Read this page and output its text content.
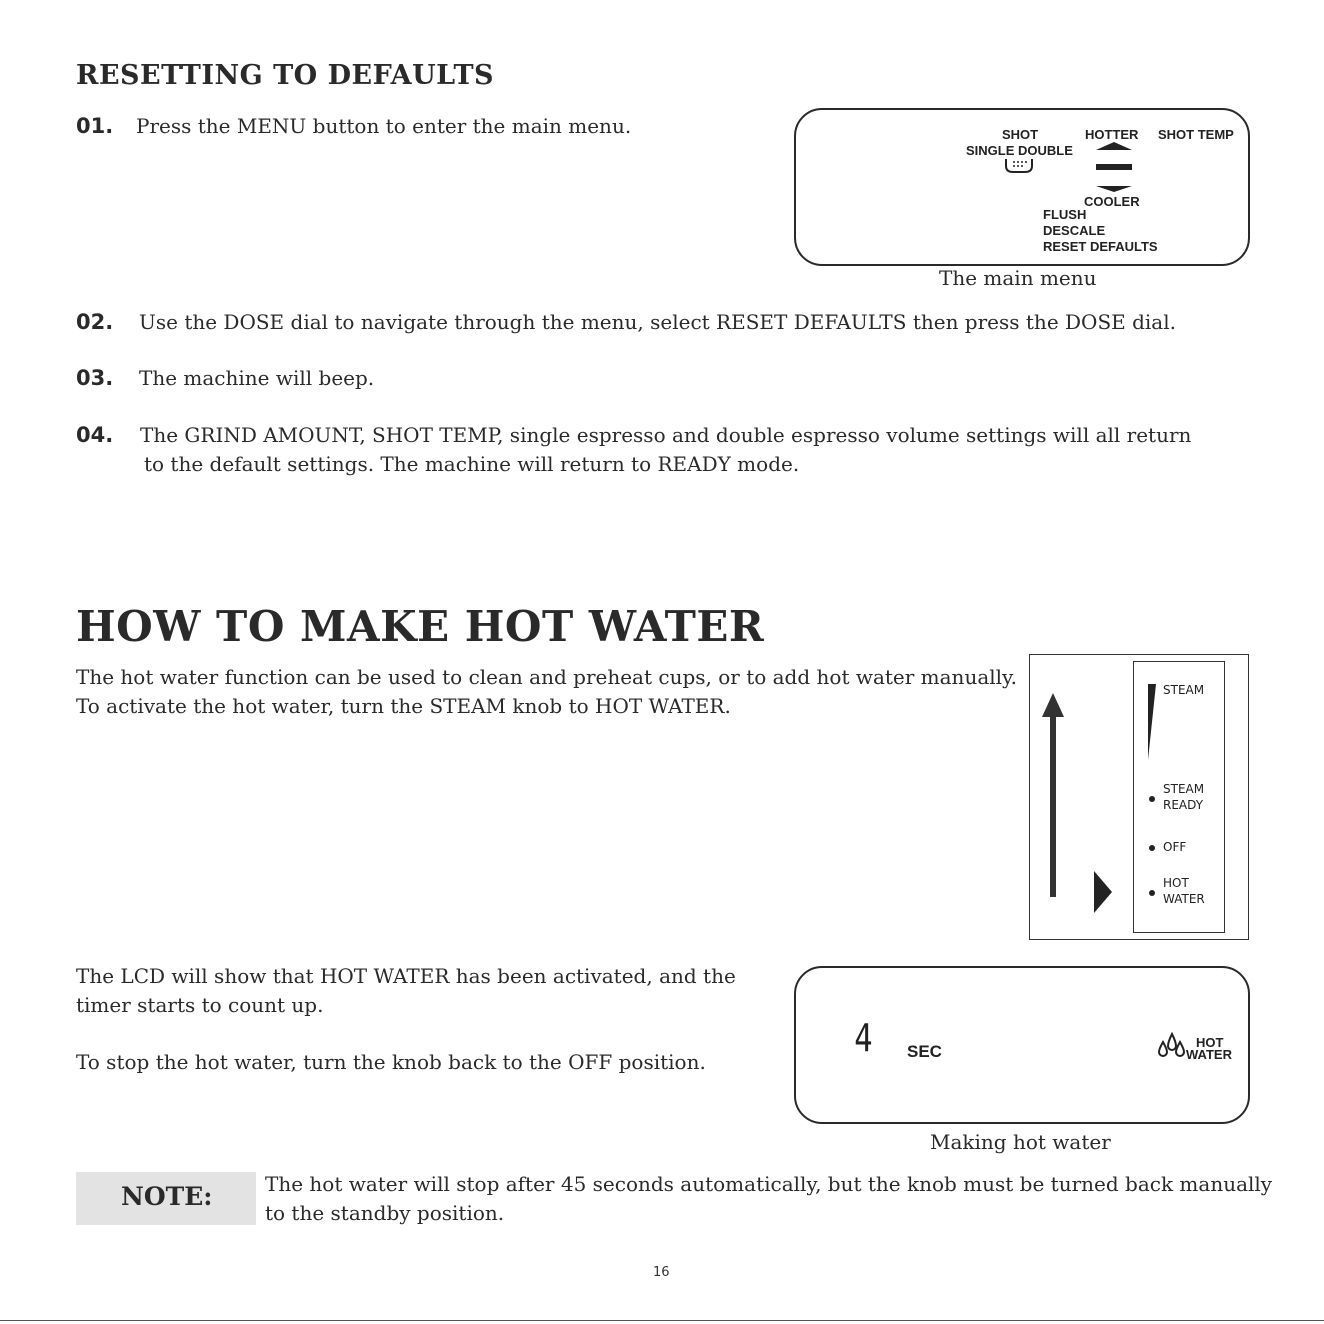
RESETTING TO DEFAULTS
01. Press the MENU button to enter the main menu.	SHOT
SINGLE DOUBLE
HOTTER SHOT TEMP
COOLER
FLUSH
DESCALE
RESET DEFAULTS
The main menu
02. Use the DOSE dial to navigate through the menu, select RESET DEFAULTS then press the DOSE dial.
03. The machine will beep.
04. The GRIND AMOUNT, SHOT TEMP, single espresso and double espresso volume settings will all return
to the default settings. The machine will return to READY mode.
HOW TO MAKE HOT WATER
The hot water function can be used to clean and preheat cups, or to add hot water manually.
To activate the hot water, turn the STEAM knob to HOT WATER.
STEAM
STEAM
READY
OFF
HOT
WATER
The LCD will show that HOT WATER has been activated, and the
timer starts to count up.
To stop the hot water, turn the knob back to the OFF position.
4 SEC	HOT
WATER
Making hot water
NOTE:	The hot water will stop after 45 seconds automatically, but the knob must be turned back manually
to the standby position.
16
